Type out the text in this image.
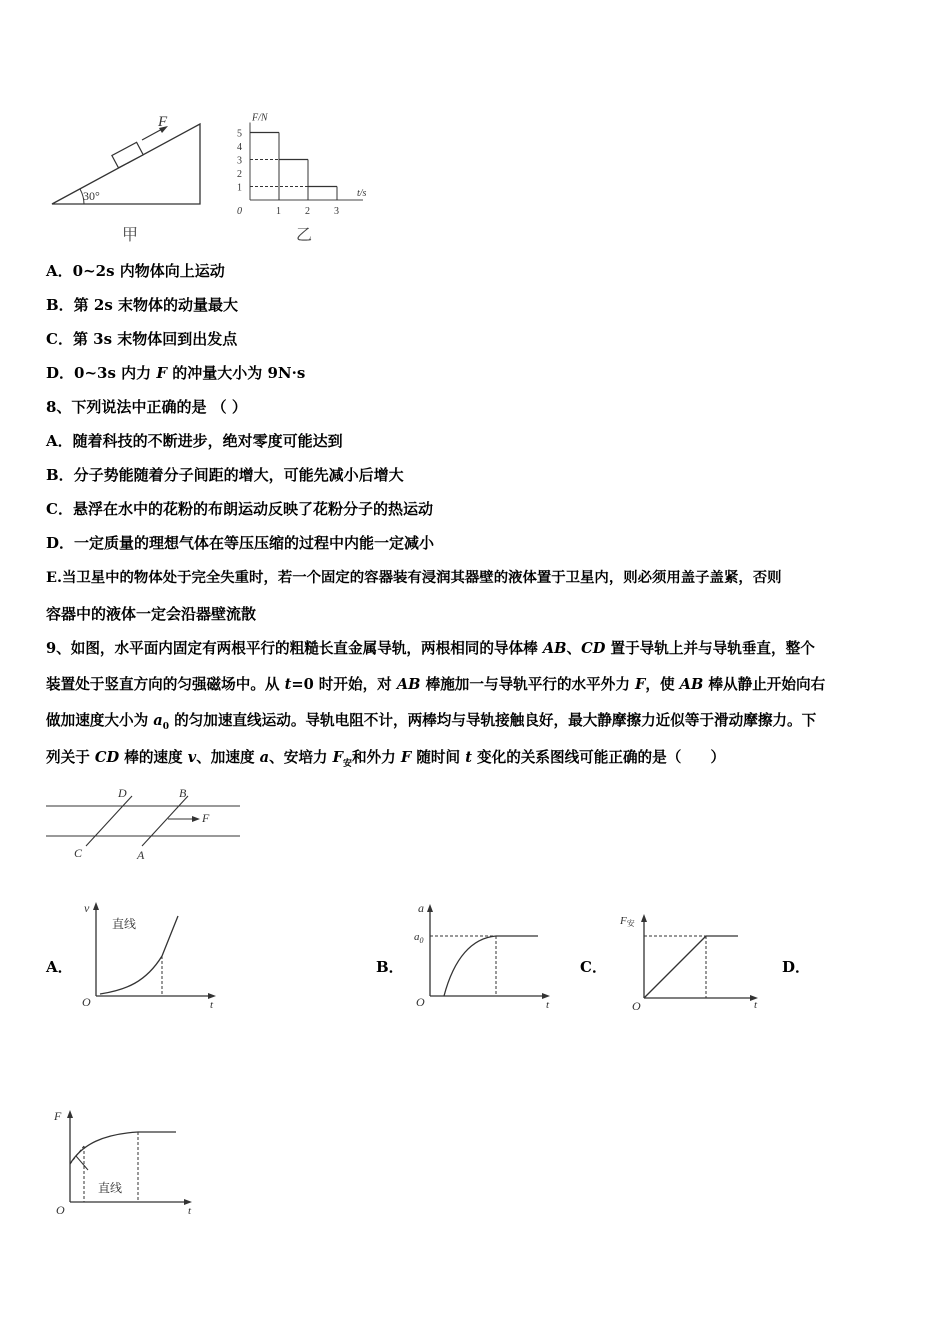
30°
F
甲
F/N
t/s
5
4
3
2
1
0	1 2 3
乙
A．0~2s 内物体向上运动
B．第 2s 末物体的动量最大
C．第 3s 末物体回到出发点
D．0~3s 内力 F 的冲量大小为 9N·s
8、下列说法中正确的是 （ ）
A．随着科技的不断进步，绝对零度可能达到
B．分子势能随着分子间距的增大，可能先减小后增大
C．悬浮在水中的花粉的布朗运动反映了花粉分子的热运动
D．一定质量的理想气体在等压压缩的过程中内能一定减小
E.当卫星中的物体处于完全失重时，若一个固定的容器装有浸润其器壁的液体置于卫星内，则必须用盖子盖紧，否则
容器中的液体一定会沿器壁流散
9、如图，水平面内固定有两根平行的粗糙长直金属导轨，两根相同的导体棒 AB、CD 置于导轨上并与导轨垂直，整个
装置处于竖直方向的匀强磁场中。从 t=0 时开始，对 AB 棒施加一与导轨平行的水平外力 F，使 AB 棒从静止开始向右
做加速度大小为 $a_0$ 的匀加速直线运动。导轨电阻不计，两棒均与导轨接触良好，最大静摩擦力近似等于滑动摩擦力。下
列关于 CD 棒的速度 v、加速度 a、安培力 $F_安$和外力 F 随时间 t 变化的关系图线可能正确的是（　　）
D	B
C	A
F
A．	B．	C．	D．
v
t
O
直线
a
$a_0$
t
O
F安
t
O
F
t
O
直线
